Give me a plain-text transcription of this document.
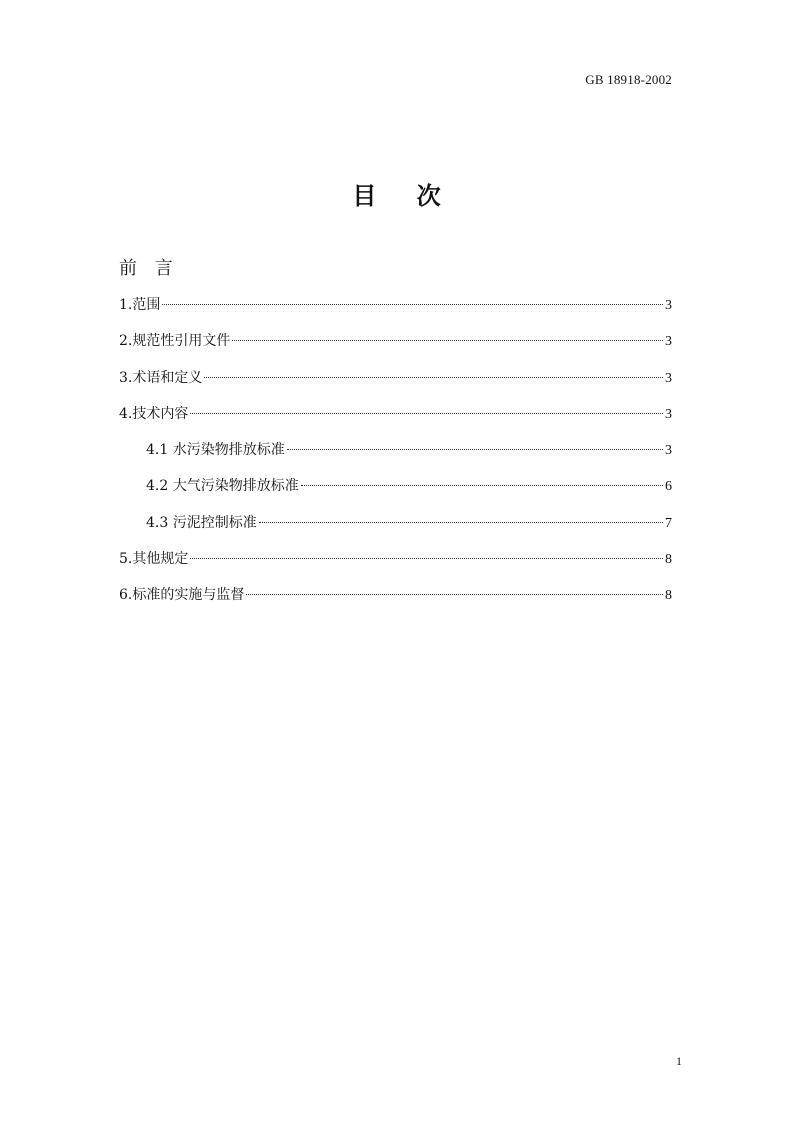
GB 18918-2002
目 次
前 言
1.范围	3
2.规范性引用文件	3
3.术语和定义	3
4.技术内容	3
4.1 水污染物排放标准	3
4.2 大气污染物排放标准	6
4.3 污泥控制标准	7
5.其他规定	8
6.标准的实施与监督	8
1
